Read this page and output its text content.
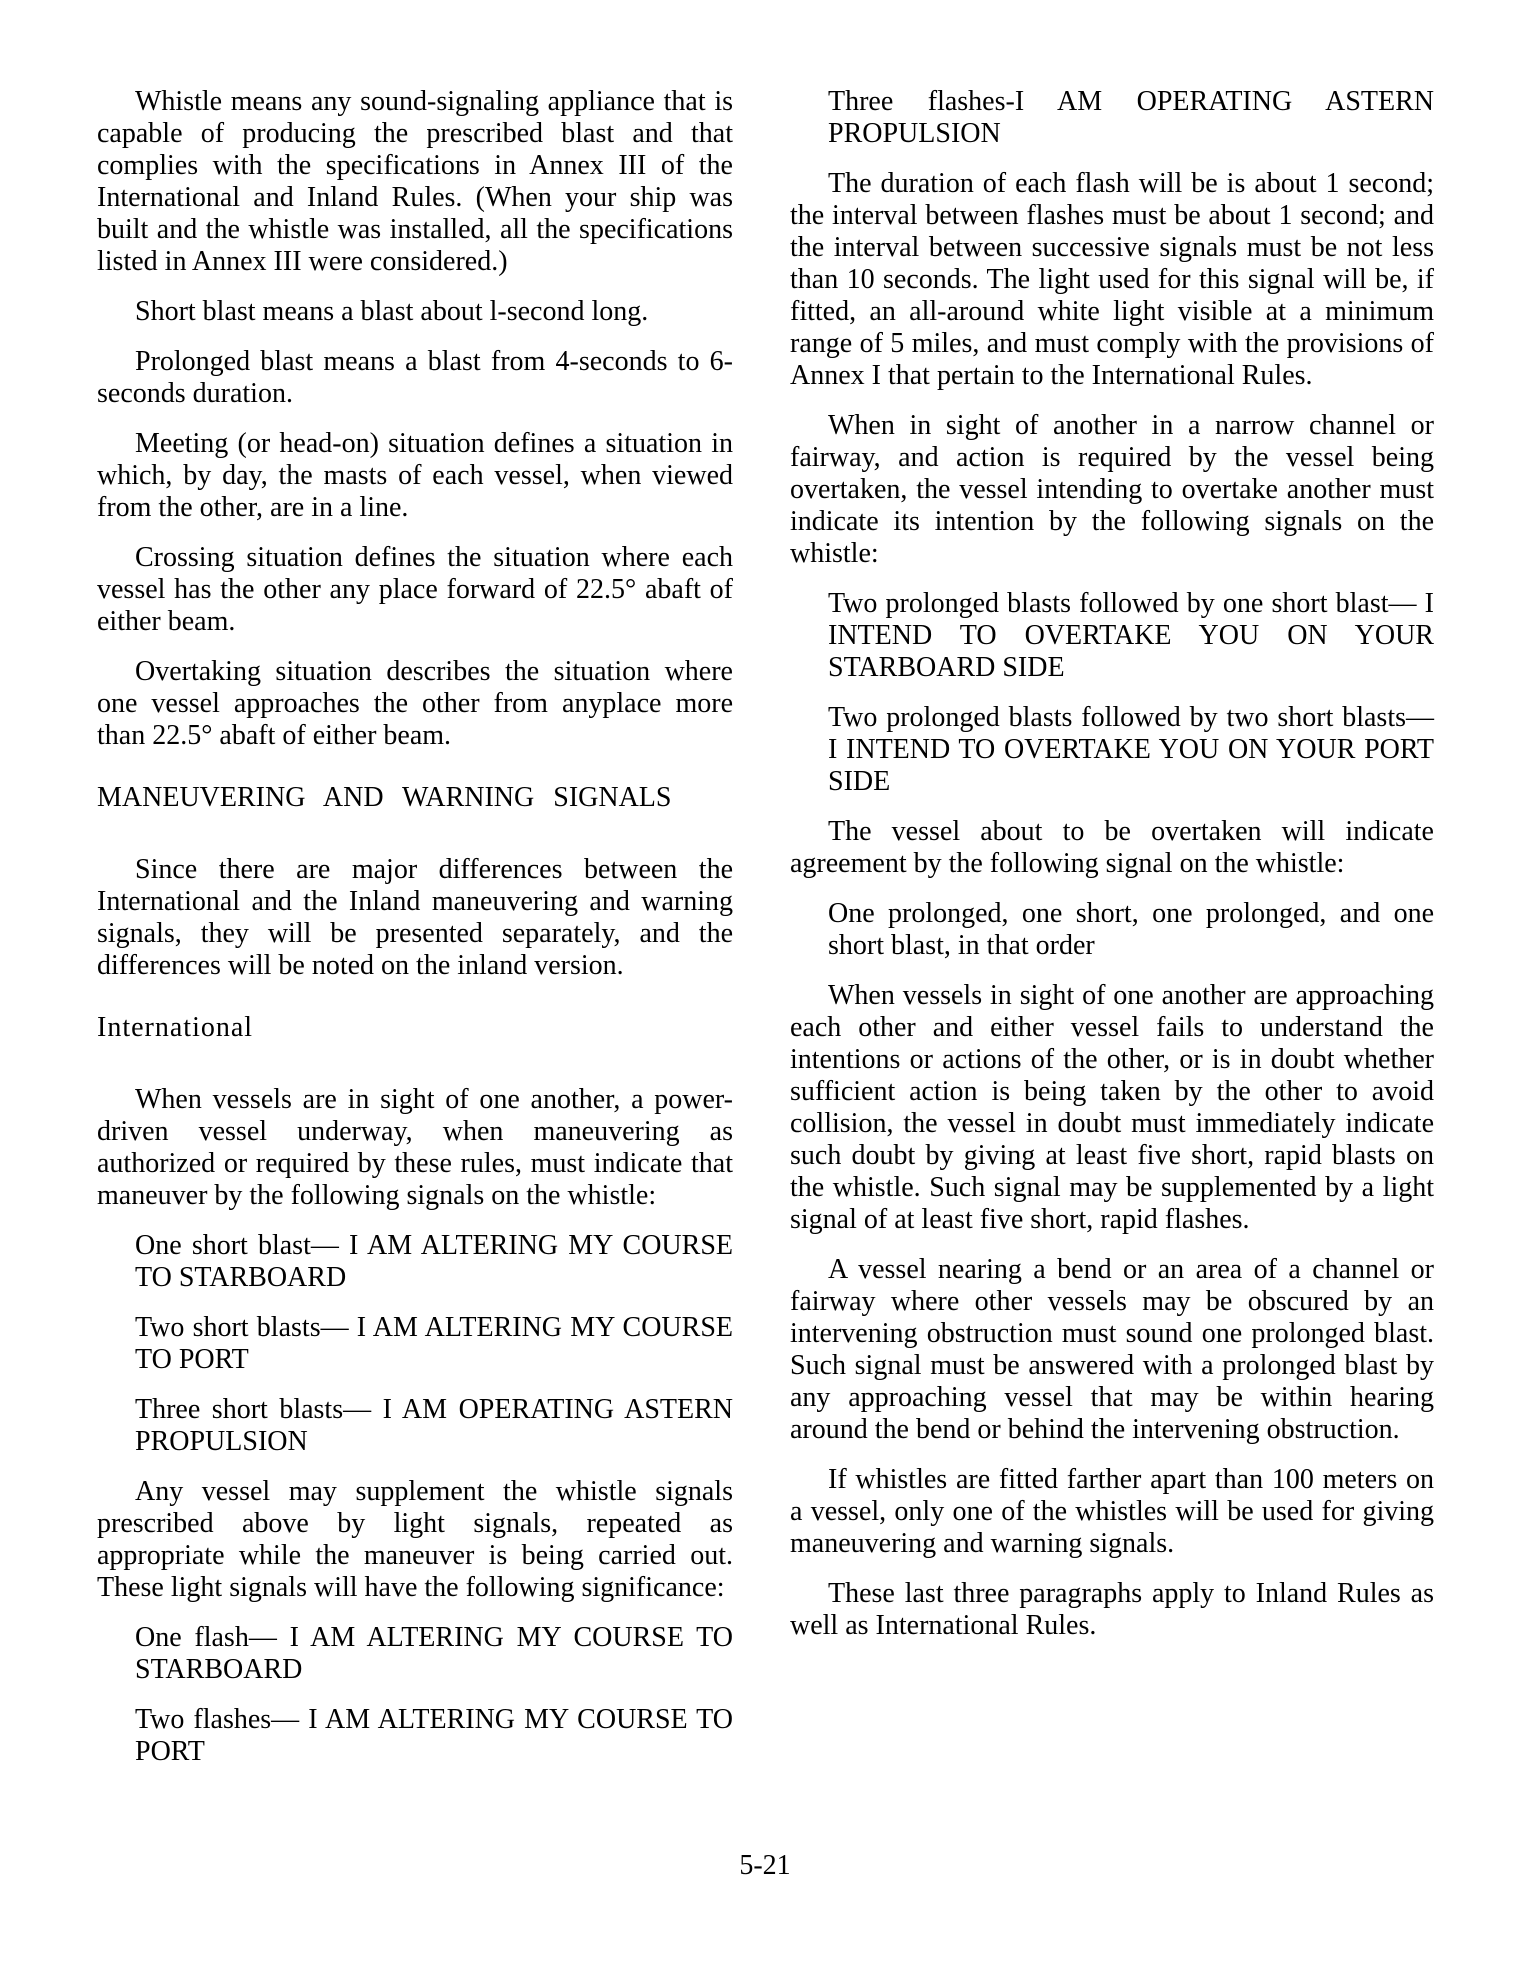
Whistle means any sound-signaling appliance that is capable of producing the prescribed blast and that complies with the specifications in Annex III of the International and Inland Rules. (When your ship was built and the whistle was installed, all the specifications listed in Annex III were considered.)

Short blast means a blast about l-second long.

Prolonged blast means a blast from 4-seconds to 6-seconds duration.

Meeting (or head-on) situation defines a situation in which, by day, the masts of each vessel, when viewed from the other, are in a line.

Crossing situation defines the situation where each vessel has the other any place forward of 22.5° abaft of either beam.

Overtaking situation describes the situation where one vessel approaches the other from anyplace more than 22.5° abaft of either beam.

MANEUVERING AND WARNING SIGNALS

Since there are major differences between the International and the Inland maneuvering and warning signals, they will be presented separately, and the differences will be noted on the inland version.

International

When vessels are in sight of one another, a power-driven vessel underway, when maneuvering as authorized or required by these rules, must indicate that maneuver by the following signals on the whistle:

One short blast— I AM ALTERING MY COURSE TO STARBOARD

Two short blasts— I AM ALTERING MY COURSE TO PORT

Three short blasts— I AM OPERATING ASTERN PROPULSION

Any vessel may supplement the whistle signals prescribed above by light signals, repeated as appropriate while the maneuver is being carried out. These light signals will have the following significance:

One flash— I AM ALTERING MY COURSE TO STARBOARD

Two flashes— I AM ALTERING MY COURSE TO PORT

Three flashes-I AM OPERATING ASTERN PROPULSION

The duration of each flash will be is about 1 second; the interval between flashes must be about 1 second; and the interval between successive signals must be not less than 10 seconds. The light used for this signal will be, if fitted, an all-around white light visible at a minimum range of 5 miles, and must comply with the provisions of Annex I that pertain to the International Rules.

When in sight of another in a narrow channel or fairway, and action is required by the vessel being overtaken, the vessel intending to overtake another must indicate its intention by the following signals on the whistle:

Two prolonged blasts followed by one short blast— I INTEND TO OVERTAKE YOU ON YOUR STARBOARD SIDE

Two prolonged blasts followed by two short blasts— I INTEND TO OVERTAKE YOU ON YOUR PORT SIDE

The vessel about to be overtaken will indicate agreement by the following signal on the whistle:

One prolonged, one short, one prolonged, and one short blast, in that order

When vessels in sight of one another are approaching each other and either vessel fails to understand the intentions or actions of the other, or is in doubt whether sufficient action is being taken by the other to avoid collision, the vessel in doubt must immediately indicate such doubt by giving at least five short, rapid blasts on the whistle. Such signal may be supplemented by a light signal of at least five short, rapid flashes.

A vessel nearing a bend or an area of a channel or fairway where other vessels may be obscured by an intervening obstruction must sound one prolonged blast. Such signal must be answered with a prolonged blast by any approaching vessel that may be within hearing around the bend or behind the intervening obstruction.

If whistles are fitted farther apart than 100 meters on a vessel, only one of the whistles will be used for giving maneuvering and warning signals.

These last three paragraphs apply to Inland Rules as well as International Rules.

5-21
